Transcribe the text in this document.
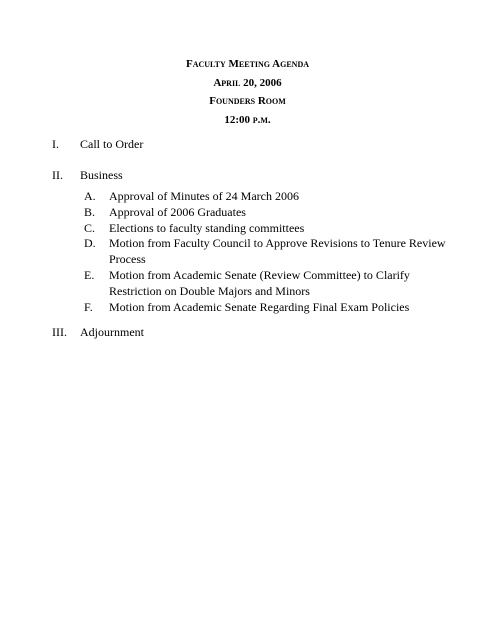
Faculty Meeting Agenda
April 20, 2006
Founders Room
12:00 p.m.
I. Call to Order
II. Business
A. Approval of Minutes of 24 March 2006
B. Approval of 2006 Graduates
C. Elections to faculty standing committees
D. Motion from Faculty Council to Approve Revisions to Tenure Review Process
E. Motion from Academic Senate (Review Committee) to Clarify Restriction on Double Majors and Minors
F. Motion from Academic Senate Regarding Final Exam Policies
III. Adjournment
